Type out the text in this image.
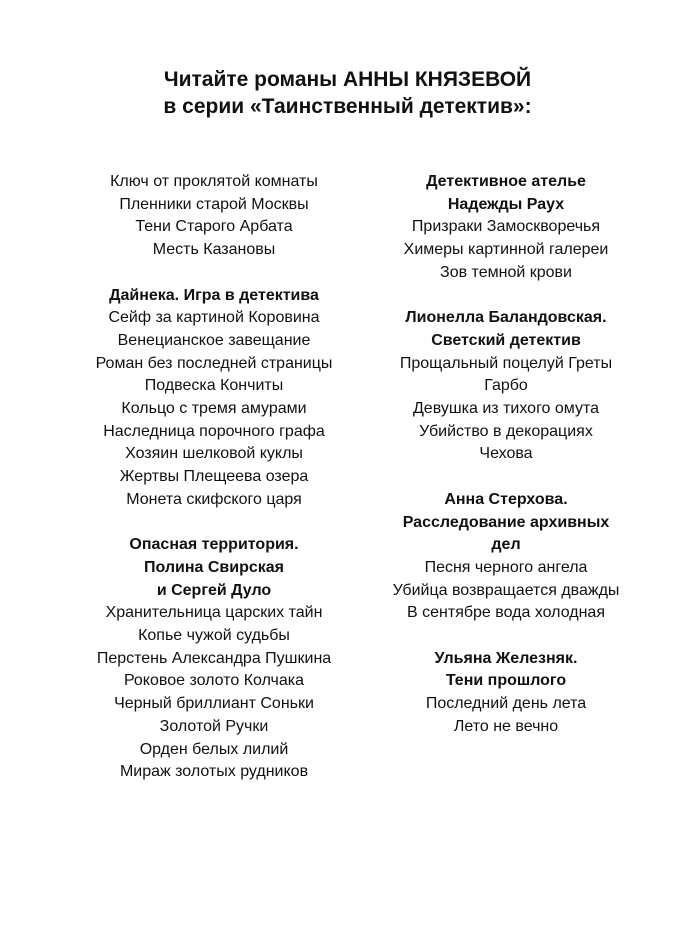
Читайте романы АННЫ КНЯЗЕВОЙ
в серии «Таинственный детектив»:
Ключ от проклятой комнаты
Пленники старой Москвы
Тени Старого Арбата
Месть Казановы
Дайнека. Игра в детектива
Сейф за картиной Коровина
Венецианское завещание
Роман без последней страницы
Подвеска Кончиты
Кольцо с тремя амурами
Наследница порочного графа
Хозяин шелковой куклы
Жертвы Плещеева озера
Монета скифского царя
Опасная территория.
Полина Свирская
и Сергей Дуло
Хранительница царских тайн
Копье чужой судьбы
Перстень Александра Пушкина
Роковое золото Колчака
Черный бриллиант Соньки
Золотой Ручки
Орден белых лилий
Мираж золотых рудников
Детективное ателье
Надежды Раух
Призраки Замоскворечья
Химеры картинной галереи
Зов темной крови
Лионелла Баландовская.
Светский детектив
Прощальный поцелуй Греты
Гарбо
Девушка из тихого омута
Убийство в декорациях
Чехова
Анна Стерхова.
Расследование архивных
дел
Песня черного ангела
Убийца возвращается дважды
В сентябре вода холодная
Ульяна Железняк.
Тени прошлого
Последний день лета
Лето не вечно
